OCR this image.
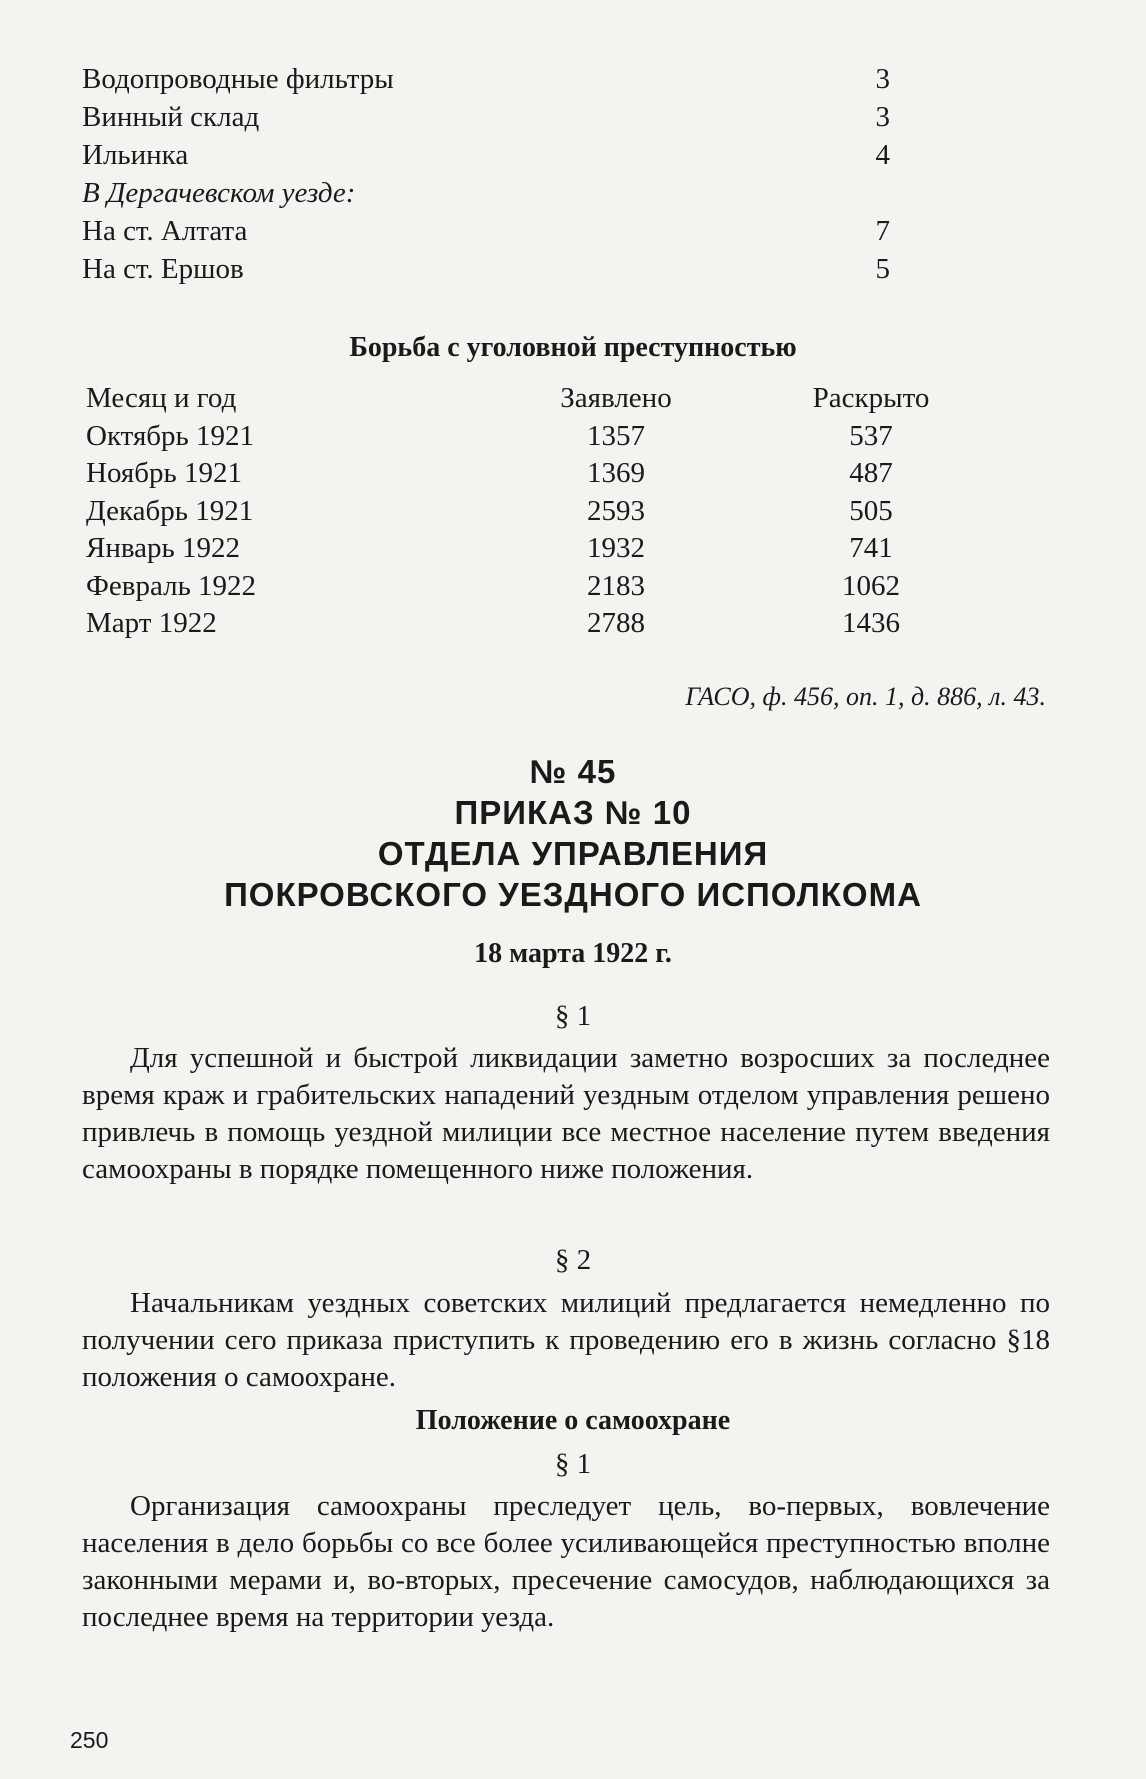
Водопроводные фильтры	3
Винный склад	3
Ильинка	4
В Дергачевском уезде:
На ст. Алтата	7
На ст. Ершов	5
Борьба с уголовной преступностью
Месяц и год	Заявлено	Раскрыто
Октябрь 1921	1357	537
Ноябрь 1921	1369	487
Декабрь 1921	2593	505
Январь 1922	1932	741
Февраль 1922	2183	1062
Март 1922	2788	1436
ГАСО, ф. 456, оп. 1, д. 886, л. 43.
№ 45
ПРИКАЗ № 10
ОТДЕЛА УПРАВЛЕНИЯ
ПОКРОВСКОГО УЕЗДНОГО ИСПОЛКОМА
18 марта 1922 г.
§ 1
Для успешной и быстрой ликвидации заметно возросших за последнее время краж и грабительских нападений уездным отделом управления решено привлечь в помощь уездной милиции все местное население путем введения самоохраны в порядке помещенного ниже положения.
§ 2
Начальникам уездных советских милиций предлагается немедленно по получении сего приказа приступить к проведению его в жизнь согласно §18 положения о самоохране.
Положение о самоохране
§ 1
Организация самоохраны преследует цель, во-первых, вовлечение населения в дело борьбы со все более усиливающейся преступностью вполне законными мерами и, во-вторых, пресечение самосудов, наблюдающихся за последнее время на территории уезда.
250
